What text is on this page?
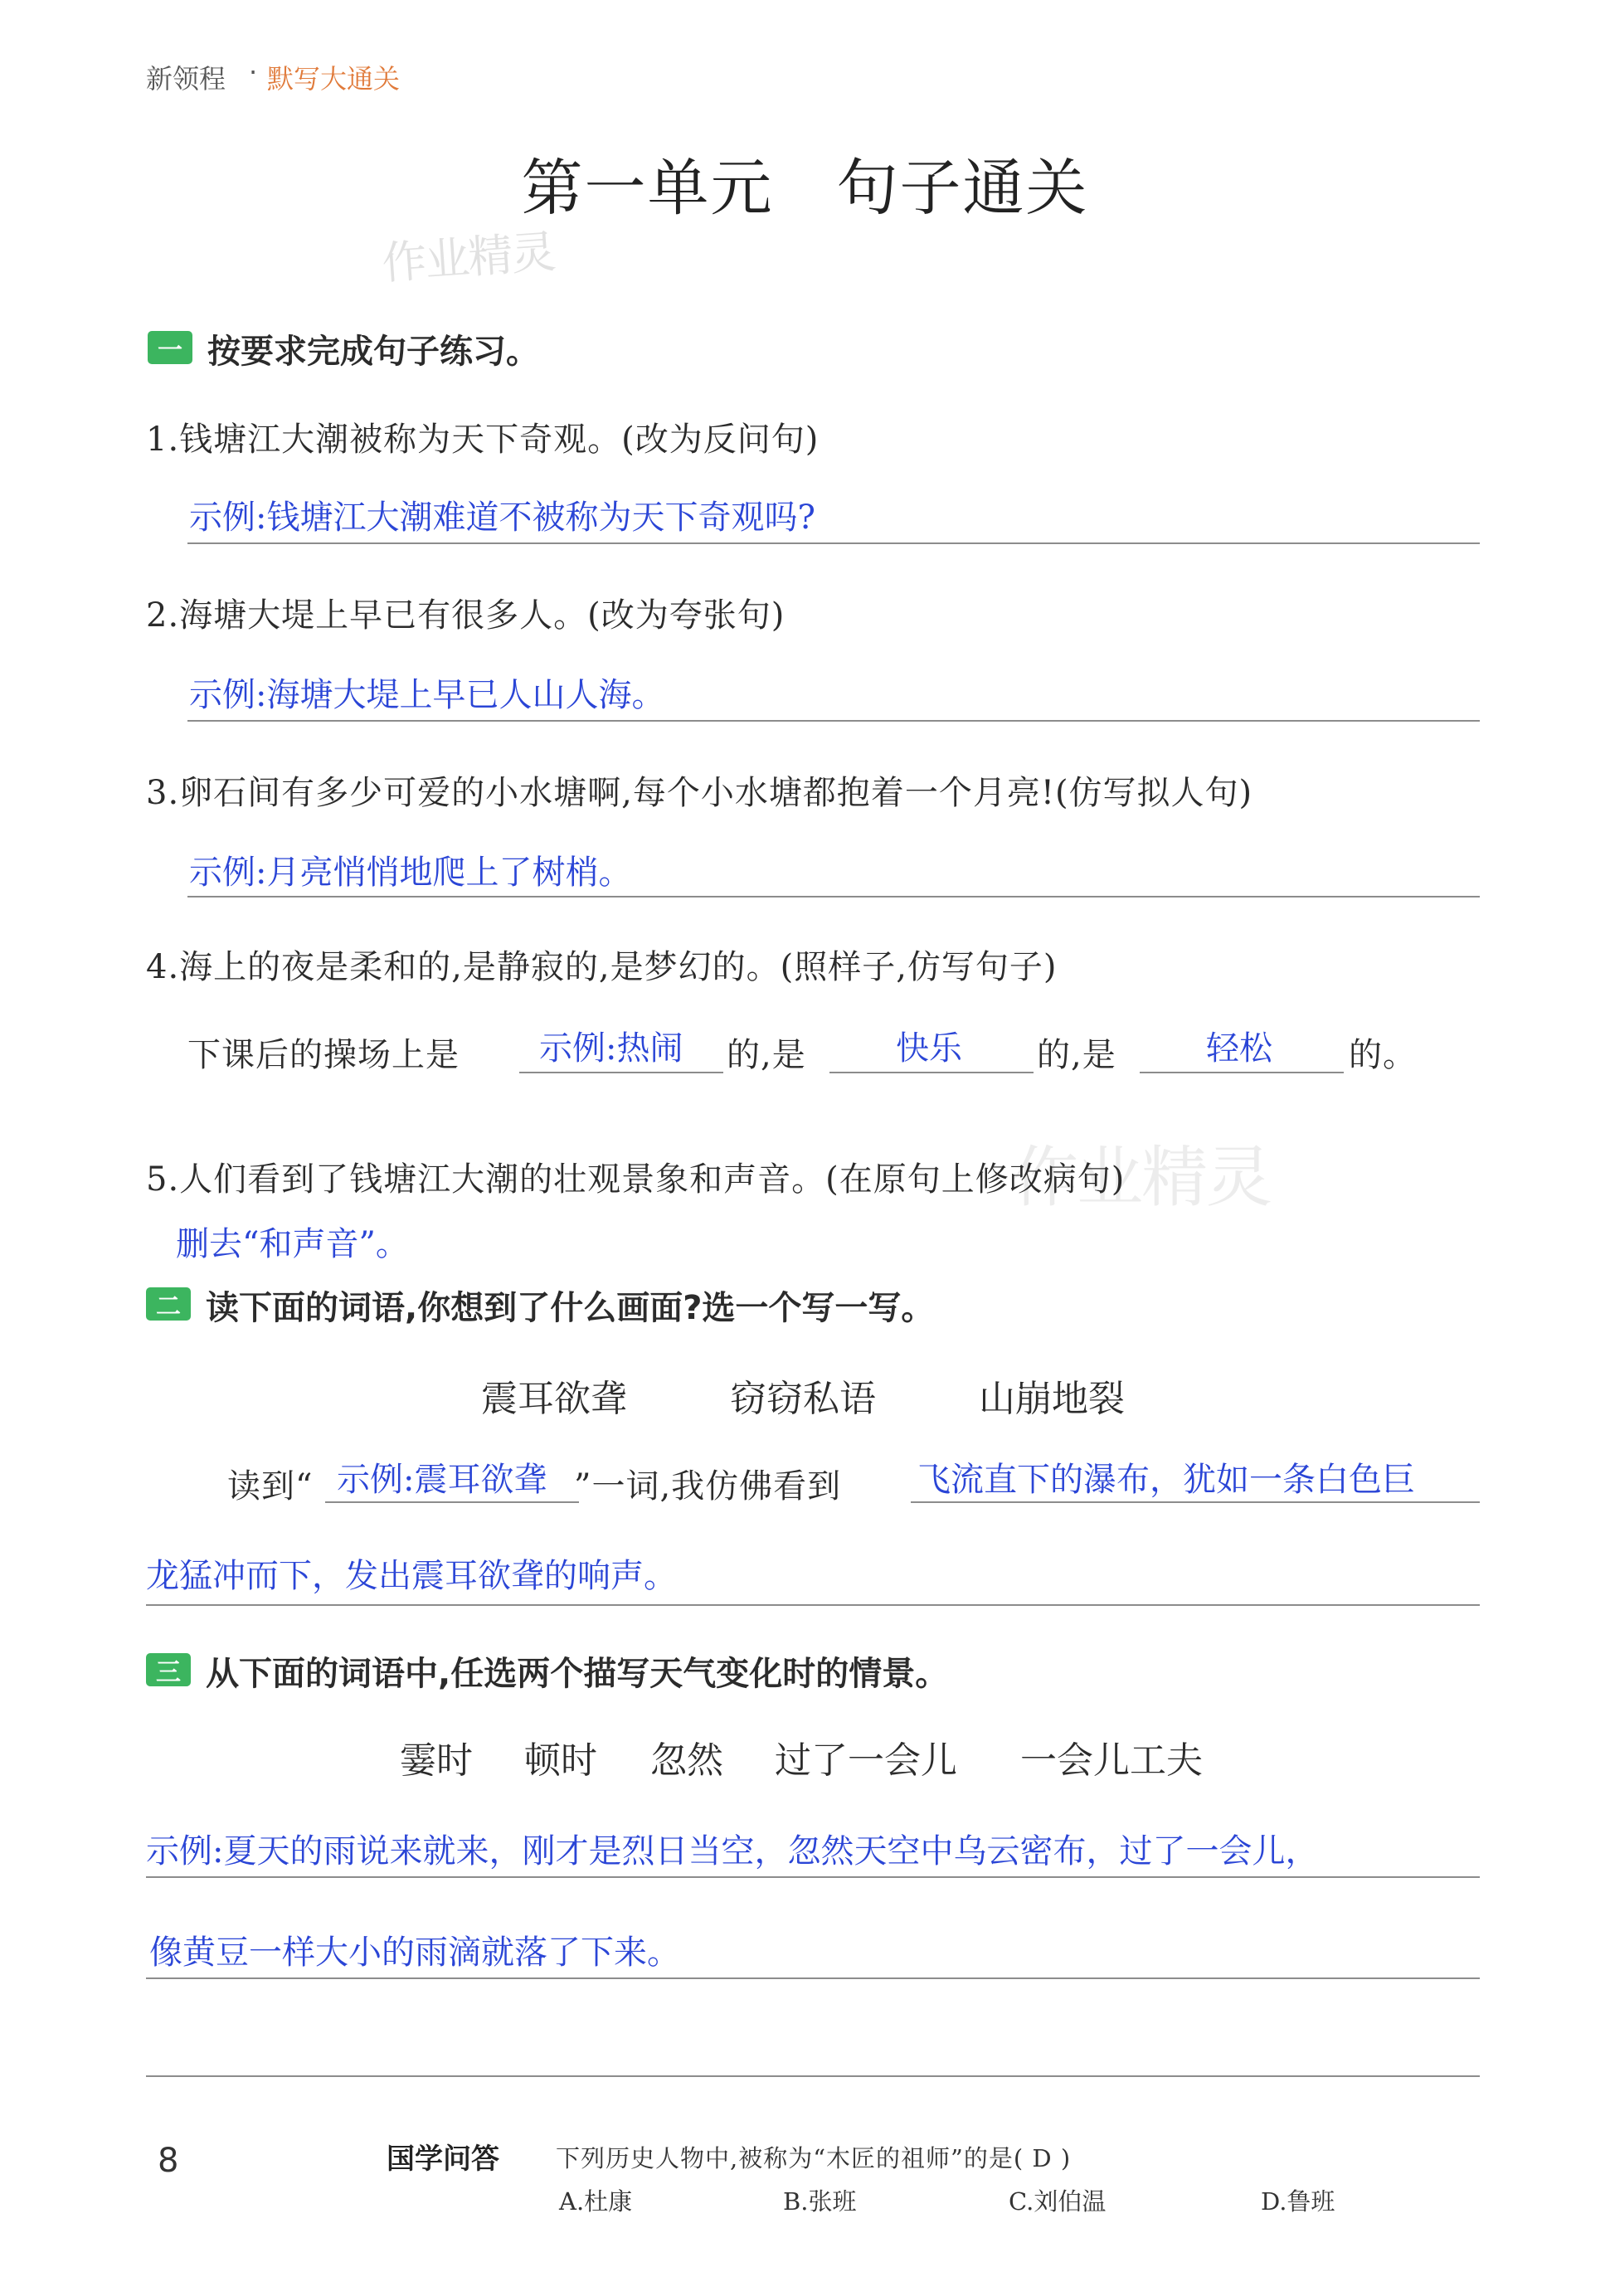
新领程 · 默写大通关
第一单元　句子通关
作业精灵
作业精灵
一 按要求完成句子练习。
1.钱塘江大潮被称为天下奇观。(改为反问句)
示例:钱塘江大潮难道不被称为天下奇观吗?
2.海塘大堤上早已有很多人。(改为夸张句)
示例:海塘大堤上早已人山人海。
3.卵石间有多少可爱的小水塘啊,每个小水塘都抱着一个月亮!(仿写拟人句)
示例:月亮悄悄地爬上了树梢。
4.海上的夜是柔和的,是静寂的,是梦幻的。(照样子,仿写句子)
下课后的操场上是 示例:热闹 的,是	快乐 的,是	轻松 的。
5.人们看到了钱塘江大潮的壮观景象和声音。(在原句上修改病句)
删去“和声音”。
二 读下面的词语,你想到了什么画面?选一个写一写。
震耳欲聋	窃窃私语	山崩地裂
读到“ 示例:震耳欲聋 ”一词,我仿佛看到 飞流直下的瀑布，犹如一条白色巨
龙猛冲而下，发出震耳欲聋的响声。
三 从下面的词语中,任选两个描写天气变化时的情景。
霎时 顿时 忽然 过了一会儿 一会儿工夫
示例:夏天的雨说来就来，刚才是烈日当空，忽然天空中乌云密布，过了一会儿，
像黄豆一样大小的雨滴就落了下来。
8	国学问答 下列历史人物中,被称为“木匠的祖师”的是( D )
A.杜康	B.张班	C.刘伯温	D.鲁班
